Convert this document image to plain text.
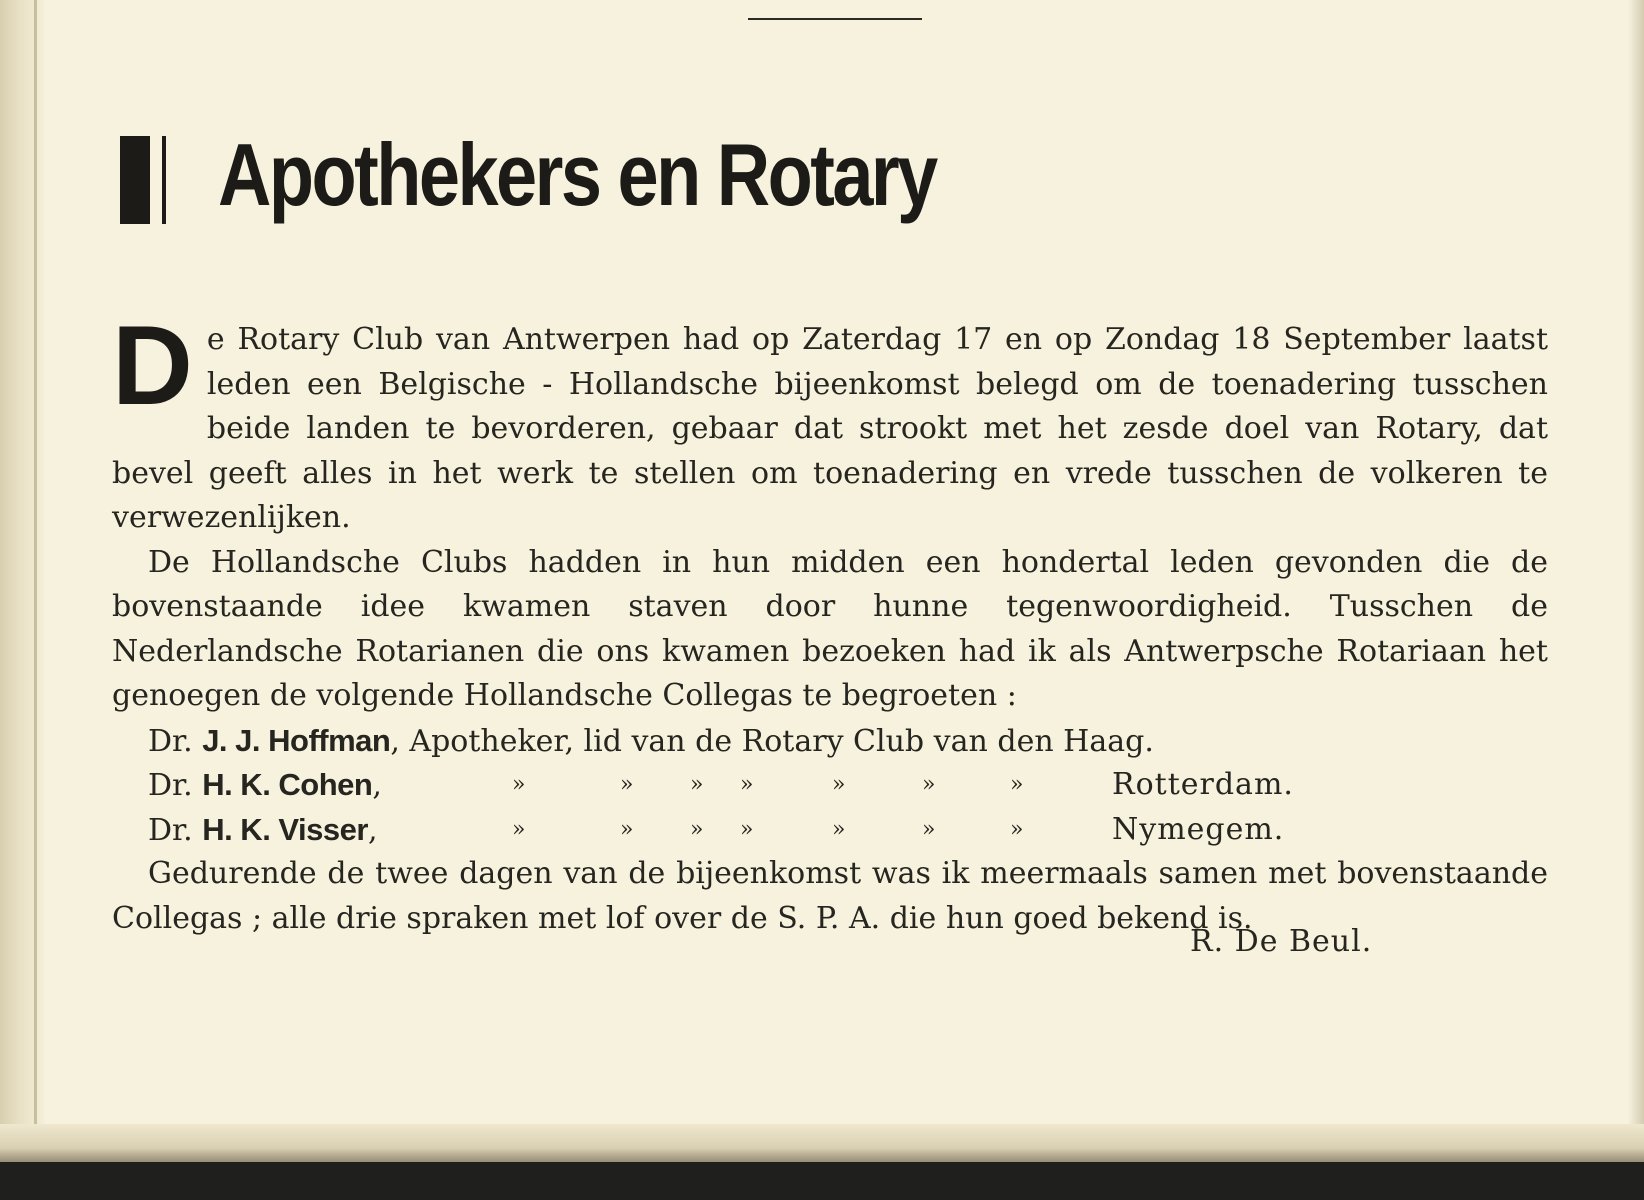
Apothekers en Rotary

De Rotary Club van Antwerpen had op Zaterdag 17 en op Zondag 18 September laatst leden een Belgische - Hollandsche bijeenkomst belegd om de toenadering tusschen beide landen te bevorderen, gebaar dat strookt met het zesde doel van Rotary, dat bevel geeft alles in het werk te stellen om toenadering en vrede tusschen de volkeren te verwezenlijken.

De Hollandsche Clubs hadden in hun midden een hondertal leden gevonden die de bovenstaande idee kwamen staven door hunne tegenwoordigheid. Tusschen de Nederlandsche Rotarianen die ons kwamen bezoeken had ik als Antwerpsche Rotariaan het genoegen de volgende Hollandsche Collegas te begroeten :

Dr. J. J. Hoffman, Apotheker, lid van de Rotary Club van den Haag.
Dr. H. K. Cohen,	»	»	» »	»	»	»	Rotterdam.
Dr. H. K. Visser,	»	»	» »	»	»	»	Nymegem.

Gedurende de twee dagen van de bijeenkomst was ik meermaals samen met bovenstaande Collegas ; alle drie spraken met lof over de S. P. A. die hun goed bekend is.

R. De Beul.
